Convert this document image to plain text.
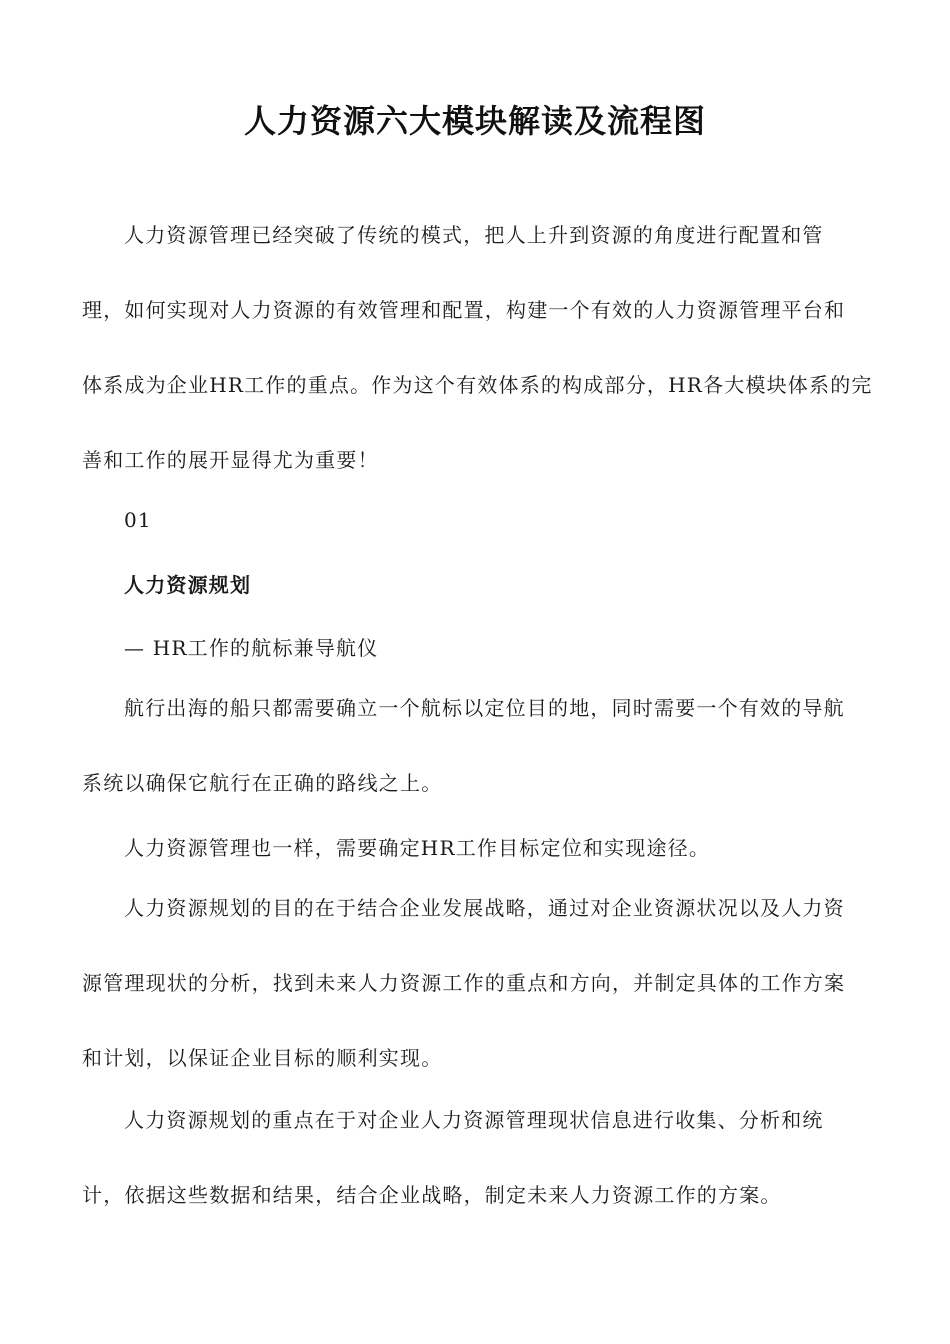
人力资源六大模块解读及流程图
人力资源管理已经突破了传统的模式，把人上升到资源的角度进行配置和管
理，如何实现对人力资源的有效管理和配置，构建一个有效的人力资源管理平台和
体系成为企业HR工作的重点。作为这个有效体系的构成部分，HR各大模块体系的完
善和工作的展开显得尤为重要！

01

人力资源规划

— HR工作的航标兼导航仪

航行出海的船只都需要确立一个航标以定位目的地，同时需要一个有效的导航
系统以确保它航行在正确的路线之上。

人力资源管理也一样，需要确定HR工作目标定位和实现途径。

人力资源规划的目的在于结合企业发展战略，通过对企业资源状况以及人力资
源管理现状的分析，找到未来人力资源工作的重点和方向，并制定具体的工作方案
和计划，以保证企业目标的顺利实现。
人力资源规划的重点在于对企业人力资源管理现状信息进行收集、分析和统
计，依据这些数据和结果，结合企业战略，制定未来人力资源工作的方案。
